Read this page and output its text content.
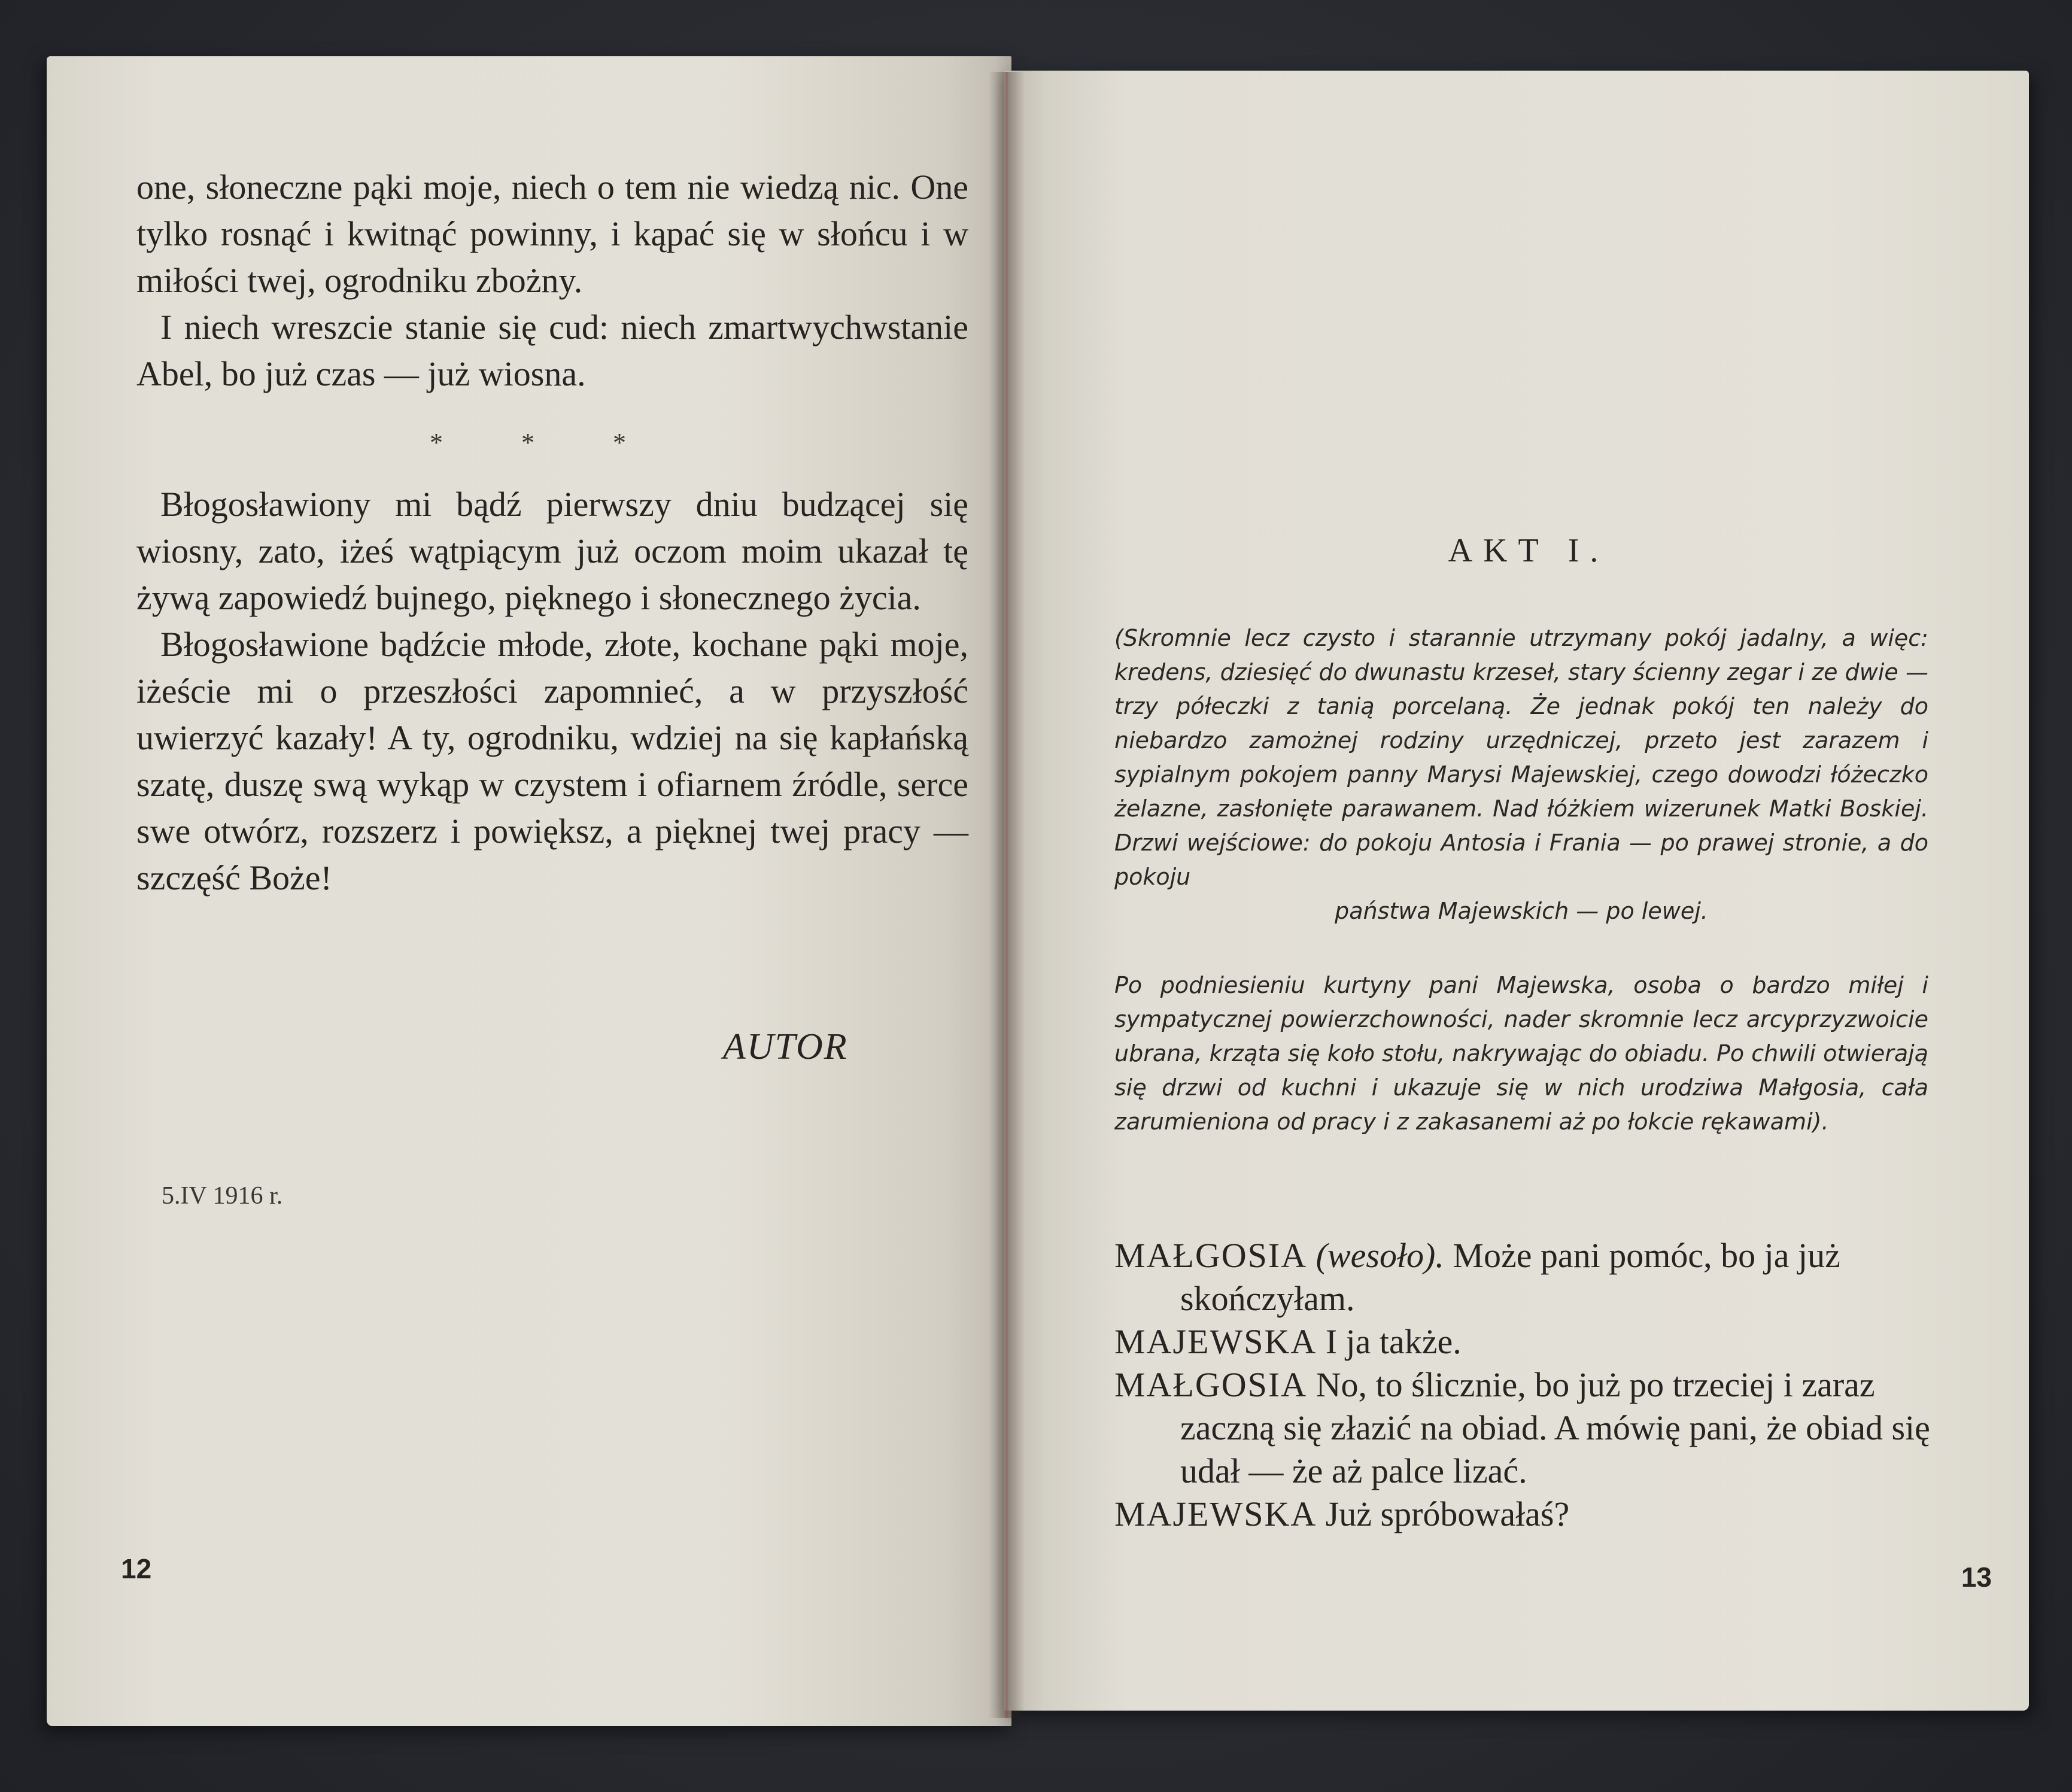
one, słoneczne pąki moje, niech o tem nie wiedzą nic. One tylko rosnąć i kwitnąć powinny, i kąpać się w słońcu i w miłości twej, ogrodniku zbożny.

I niech wreszcie stanie się cud: niech zmartwychwstanie Abel, bo już czas — już wiosna.

* * *

Błogosławiony mi bądź pierwszy dniu budzącej się wiosny, zato, iżeś wątpiącym już oczom moim ukazał tę żywą zapowiedź bujnego, pięknego i słonecznego życia.

Błogosławione bądźcie młode, złote, kochane pąki moje, iżeście mi o przeszłości zapomnieć, a w przyszłość uwierzyć kazały! A ty, ogrodniku, wdziej na się kapłańską szatę, duszę swą wykąp w czystem i ofiarnem źródle, serce swe otwórz, rozszerz i powiększ, a pięknej twej pracy — szczęść Boże!

AUTOR
5.IV 1916 r.
12
AKT I.
(Skromnie lecz czysto i starannie utrzymany pokój jadalny, a więc: kredens, dziesięć do dwunastu krzeseł, stary ścienny zegar i ze dwie — trzy półeczki z tanią porcelaną. Że jednak pokój ten należy do niebardzo zamożnej rodziny urzędniczej, przeto jest zarazem i sypialnym pokojem panny Marysi Majewskiej, czego dowodzi łóżeczko żelazne, zasłonięte parawanem. Nad łóżkiem wizerunek Matki Boskiej. Drzwi wejściowe: do pokoju Antosia i Frania — po prawej stronie, a do pokoju
państwa Majewskich — po lewej.
Po podniesieniu kurtyny pani Majewska, osoba o bardzo miłej i sympatycznej powierzchowności, nader skromnie lecz arcyprzyzwoicie ubrana, krząta się koło stołu, nakrywając do obiadu. Po chwili otwierają się drzwi od kuchni i ukazuje się w nich urodziwa Małgosia, cała zarumieniona od pracy i z zakasanemi aż po łokcie rękawami).

MAŁGOSIA (wesoło). Może pani pomóc, bo ja już skończyłam.

MAJEWSKA I ja także.

MAŁGOSIA No, to ślicznie, bo już po trzeciej i zaraz zaczną się złazić na obiad. A mówię pani, że obiad się udał — że aż palce lizać.

MAJEWSKA Już spróbowałaś?

13
